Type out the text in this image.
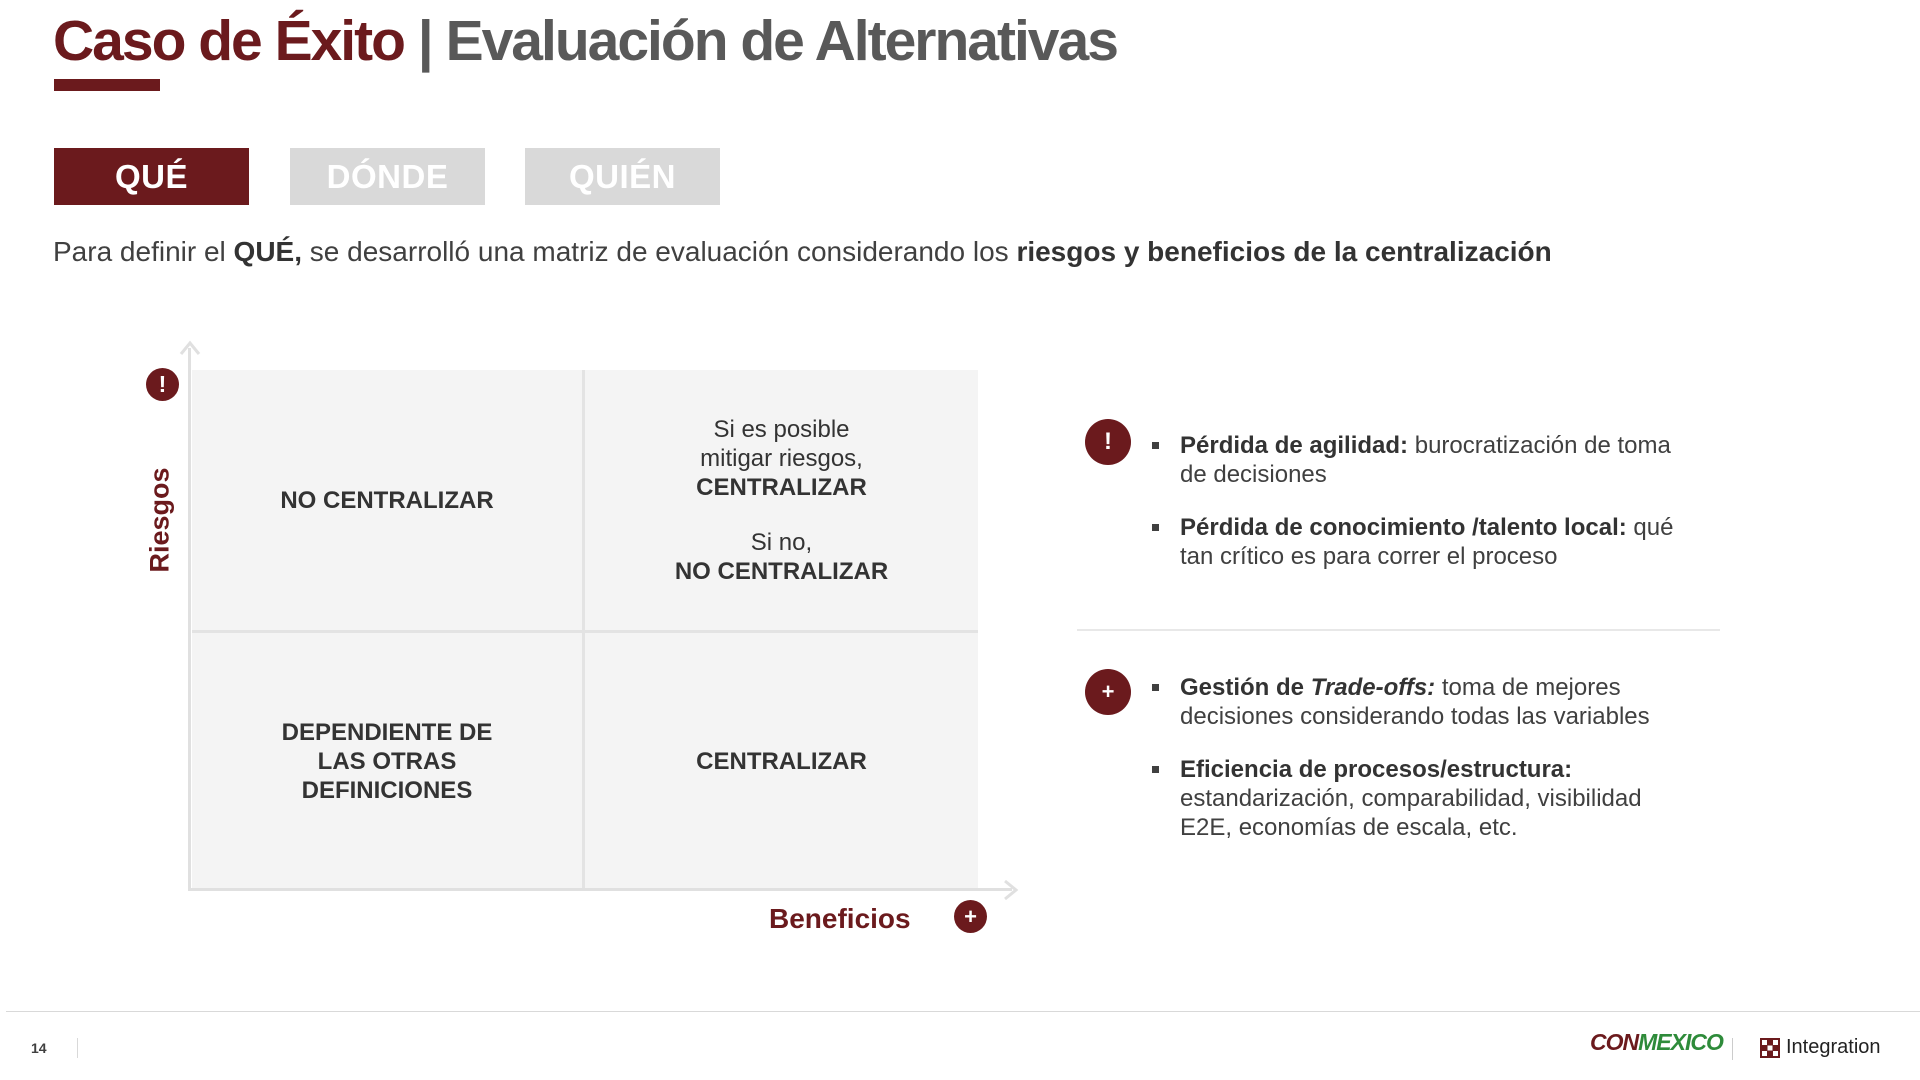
Caso de Éxito | Evaluación de Alternativas
QUÉ	DÓNDE	QUIÉN
Para definir el QUÉ, se desarrolló una matriz de evaluación considerando los riesgos y beneficios de la centralización
NO CENTRALIZAR
Si es posible
mitigar riesgos,
CENTRALIZAR
Si no,
NO CENTRALIZAR
DEPENDIENTE DE
LAS OTRAS
DEFINICIONES
CENTRALIZAR
!
Riesgos
Beneficios +
!	Pérdida de agilidad: burocratización de toma de decisiones
Pérdida de conocimiento /talento local: qué tan crítico es para correr el proceso
+	Gestión de Trade-offs: toma de mejores decisiones considerando todas las variables
Eficiencia de procesos/estructura: estandarización, comparabilidad, visibilidad E2E, economías de escala, etc.
14	CONMEXICO	Integration
